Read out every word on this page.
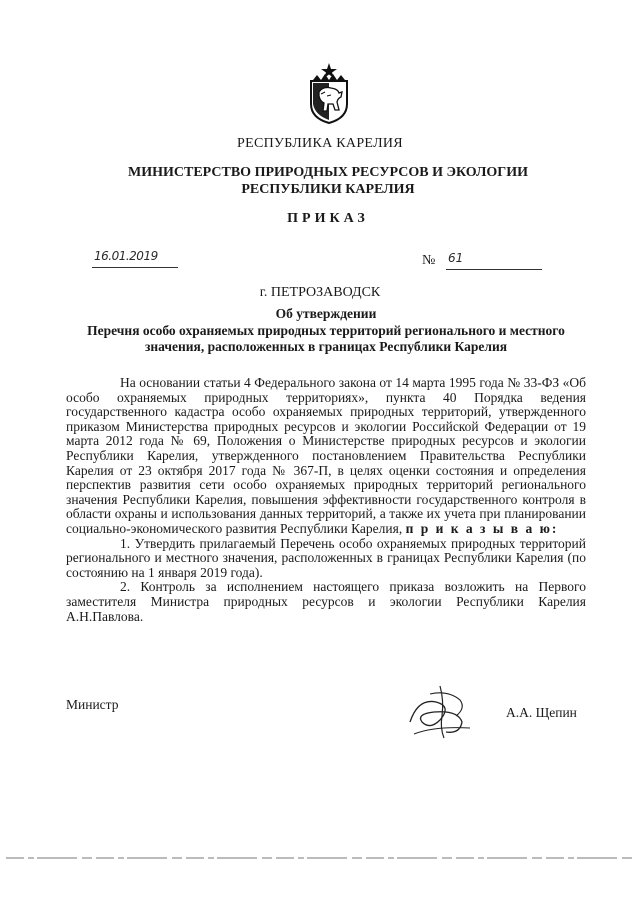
РЕСПУБЛИКА КАРЕЛИЯ
МИНИСТЕРСТВО ПРИРОДНЫХ РЕСУРСОВ И ЭКОЛОГИИ
РЕСПУБЛИКИ КАРЕЛИЯ
ПРИКАЗ
16.01.2019	№ 61
г. ПЕТРОЗАВОДСК
Об утверждении
Перечня особо охраняемых природных территорий регионального и местного значения, расположенных в границах Республики Карелия

На основании статьи 4 Федерального закона от 14 марта 1995 года № 33-ФЗ «Об особо охраняемых природных территориях», пункта 40 Порядка ведения государственного кадастра особо охраняемых природных территорий, утвержденного приказом Министерства природных ресурсов и экологии Российской Федерации от 19 марта 2012 года № 69, Положения о Министерстве природных ресурсов и экологии Республики Карелия, утвержденного постановлением Правительства Республики Карелия от 23 октября 2017 года № 367-П, в целях оценки состояния и определения перспектив развития сети особо охраняемых природных территорий регионального значения Республики Карелия, повышения эффективности государственного контроля в области охраны и использования данных территорий, а также их учета при планировании социально-экономического развития Республики Карелия, п р и к а з ы в а ю:

1. Утвердить прилагаемый Перечень особо охраняемых природных территорий регионального и местного значения, расположенных в границах Республики Карелия (по состоянию на 1 января 2019 года).

2. Контроль за исполнением настоящего приказа возложить на Первого заместителя Министра природных ресурсов и экологии Республики Карелия А.Н.Павлова.

Министр
А.А. Щепин
